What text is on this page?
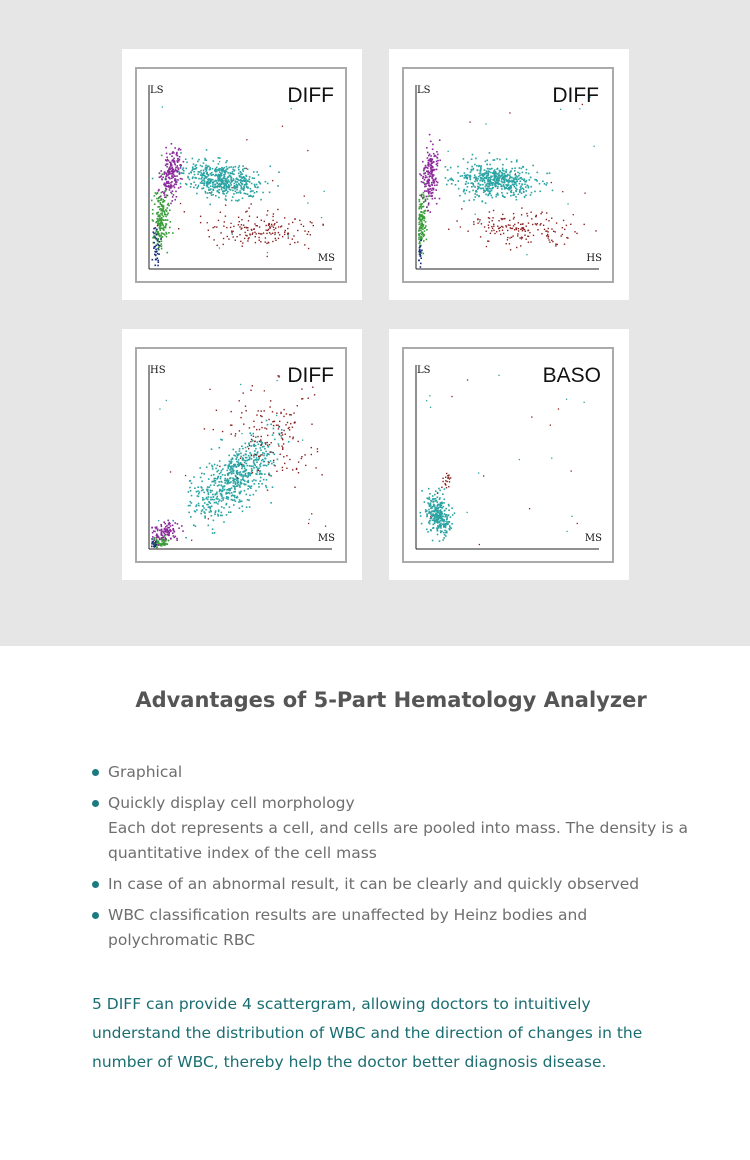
LS
MS
DIFF	LS
HS
DIFF
HS
MS
DIFF	LS
MS
BASO
Advantages of 5-Part Hematology Analyzer
Graphical
Quickly display cell morphology
Each dot represents a cell, and cells are pooled into mass. The density is a quantitative index of the cell mass
In case of an abnormal result, it can be clearly and quickly observed
WBC classification results are unaffected by Heinz bodies and polychromatic RBC

5 DIFF can provide 4 scattergram, allowing doctors to intuitively understand the distribution of WBC and the direction of changes in the number of WBC, thereby help the doctor better diagnosis disease.
